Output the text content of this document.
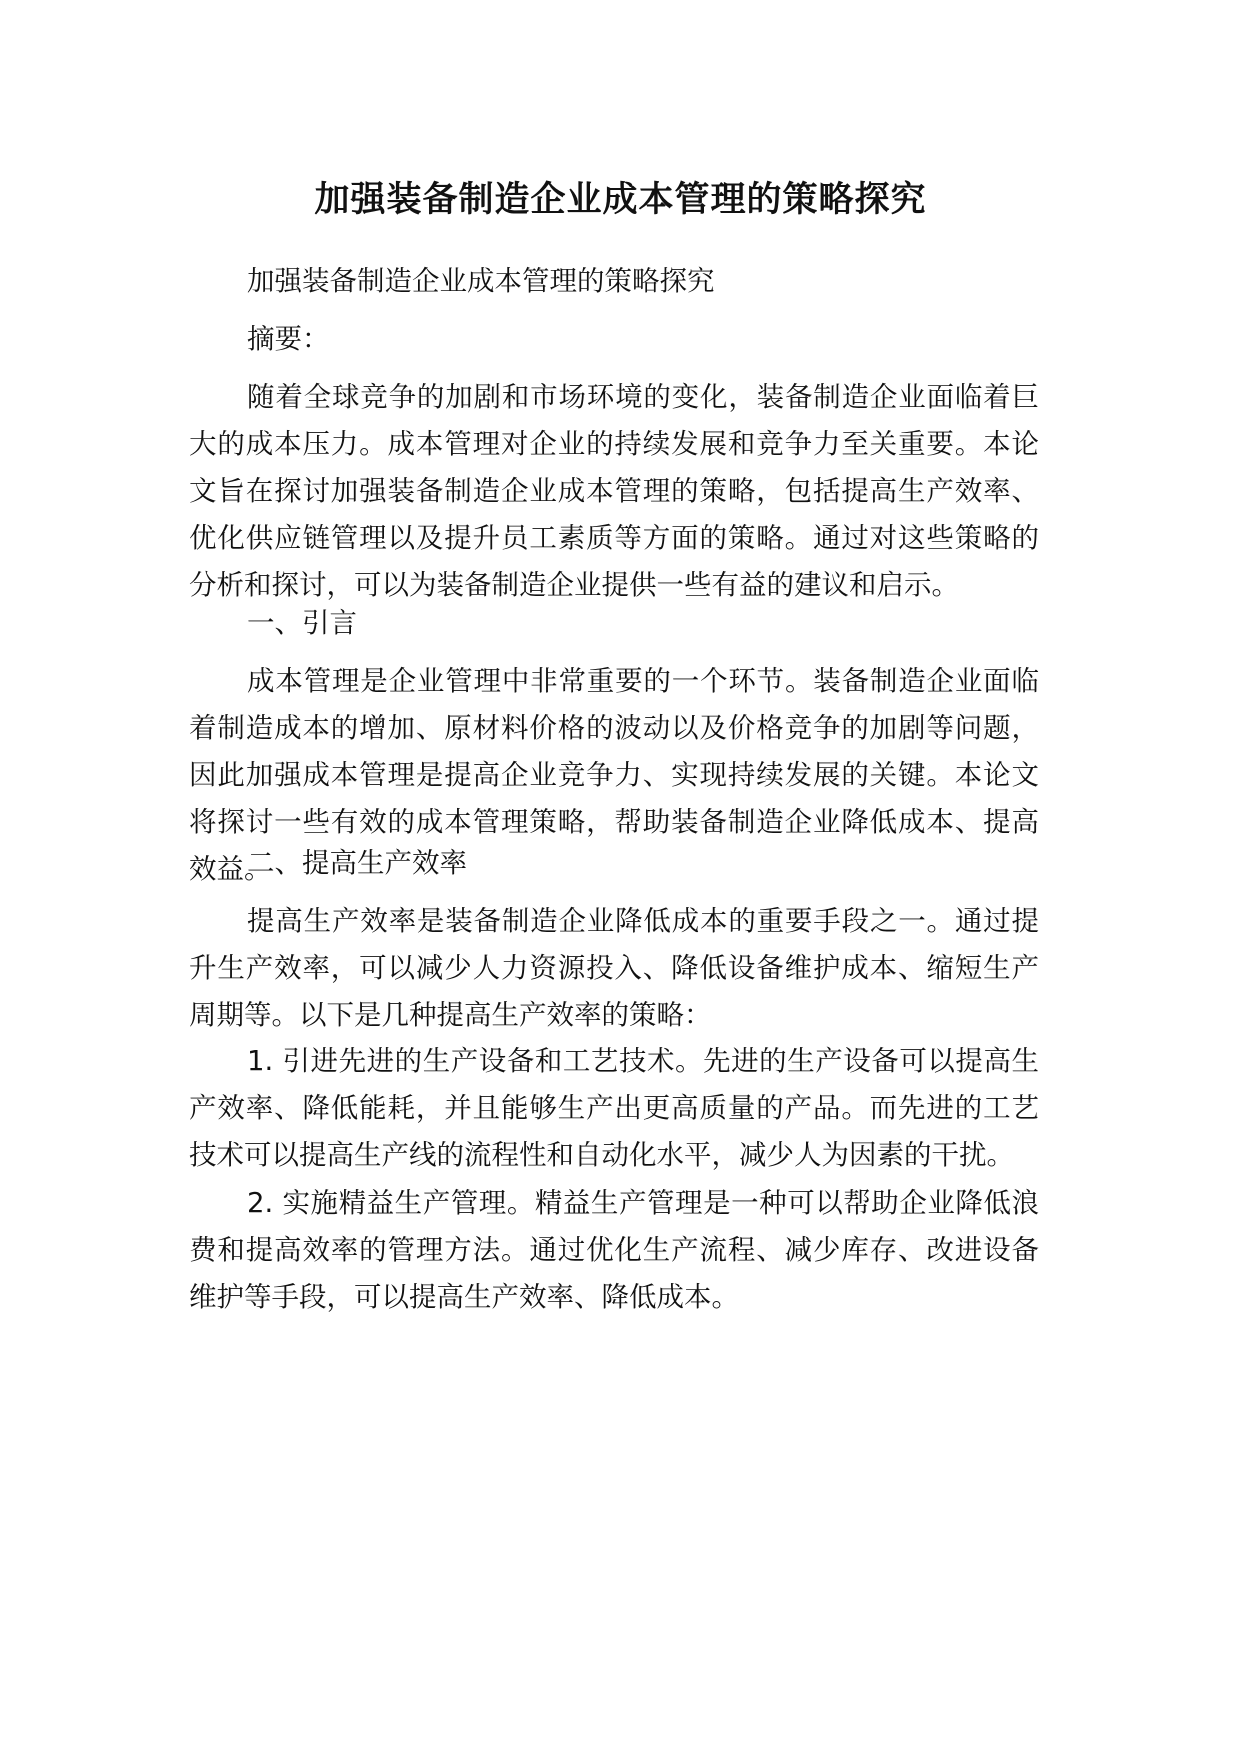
加强装备制造企业成本管理的策略探究

加强装备制造企业成本管理的策略探究

摘要：

随着全球竞争的加剧和市场环境的变化，装备制造企业面临着巨大的成本压力。成本管理对企业的持续发展和竞争力至关重要。本论文旨在探讨加强装备制造企业成本管理的策略，包括提高生产效率、优化供应链管理以及提升员工素质等方面的策略。通过对这些策略的分析和探讨，可以为装备制造企业提供一些有益的建议和启示。

一、引言

成本管理是企业管理中非常重要的一个环节。装备制造企业面临着制造成本的增加、原材料价格的波动以及价格竞争的加剧等问题，因此加强成本管理是提高企业竞争力、实现持续发展的关键。本论文将探讨一些有效的成本管理策略，帮助装备制造企业降低成本、提高效益。

二、提高生产效率

提高生产效率是装备制造企业降低成本的重要手段之一。通过提升生产效率，可以减少人力资源投入、降低设备维护成本、缩短生产周期等。以下是几种提高生产效率的策略：

1. 引进先进的生产设备和工艺技术。先进的生产设备可以提高生产效率、降低能耗，并且能够生产出更高质量的产品。而先进的工艺技术可以提高生产线的流程性和自动化水平，减少人为因素的干扰。

2. 实施精益生产管理。精益生产管理是一种可以帮助企业降低浪费和提高效率的管理方法。通过优化生产流程、减少库存、改进设备维护等手段，可以提高生产效率、降低成本。
